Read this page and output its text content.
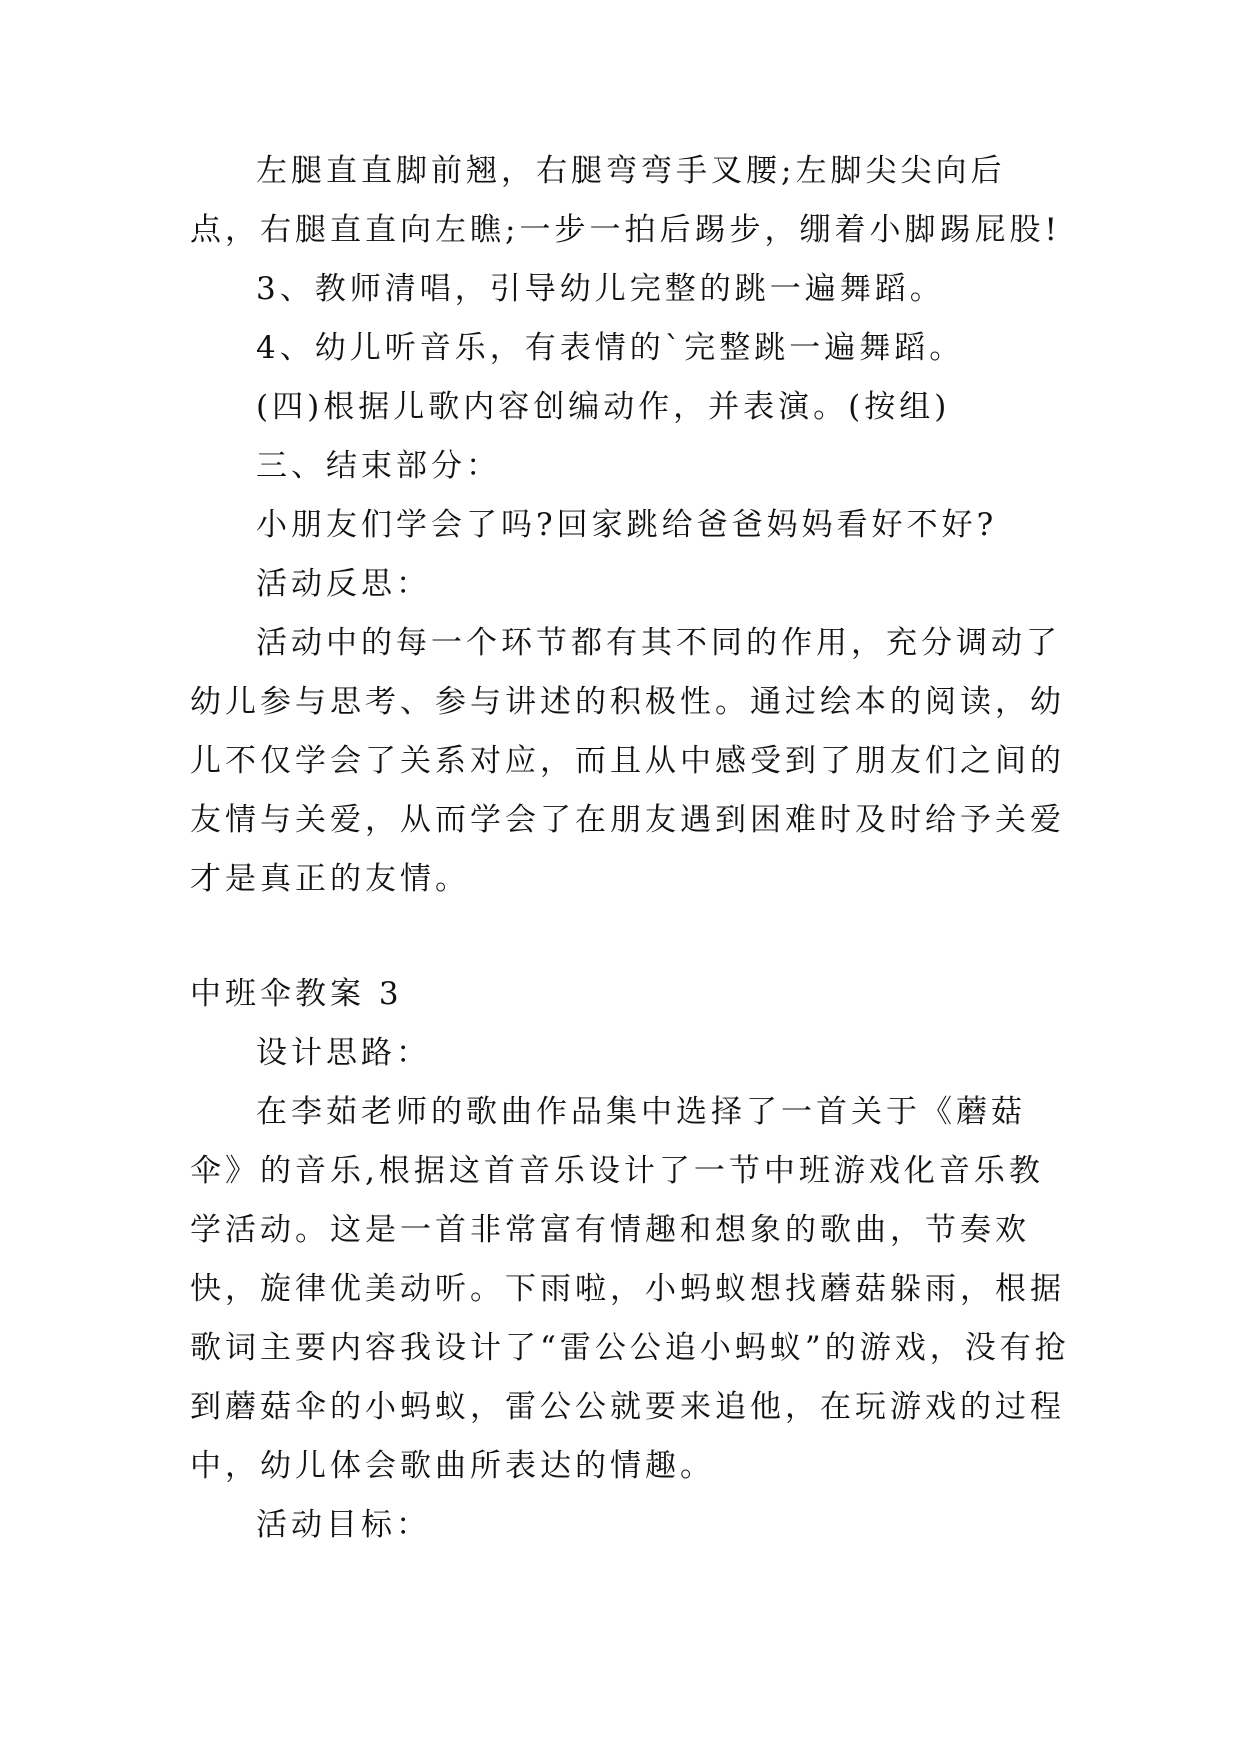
左腿直直脚前翘，右腿弯弯手叉腰;左脚尖尖向后点，右腿直直向左瞧;一步一拍后踢步，绷着小脚踢屁股!

3、教师清唱，引导幼儿完整的跳一遍舞蹈。

4、幼儿听音乐，有表情的`完整跳一遍舞蹈。

(四)根据儿歌内容创编动作，并表演。(按组)

三、结束部分：

小朋友们学会了吗?回家跳给爸爸妈妈看好不好?

活动反思：

活动中的每一个环节都有其不同的作用，充分调动了幼儿参与思考、参与讲述的积极性。通过绘本的阅读，幼儿不仅学会了关系对应，而且从中感受到了朋友们之间的友情与关爱，从而学会了在朋友遇到困难时及时给予关爱才是真正的友情。

中班伞教案 3

设计思路：

在李茹老师的歌曲作品集中选择了一首关于《蘑菇伞》的音乐,根据这首音乐设计了一节中班游戏化音乐教学活动。这是一首非常富有情趣和想象的歌曲，节奏欢快，旋律优美动听。下雨啦，小蚂蚁想找蘑菇躲雨，根据歌词主要内容我设计了“雷公公追小蚂蚁”的游戏，没有抢到蘑菇伞的小蚂蚁，雷公公就要来追他，在玩游戏的过程中，幼儿体会歌曲所表达的情趣。

活动目标：
